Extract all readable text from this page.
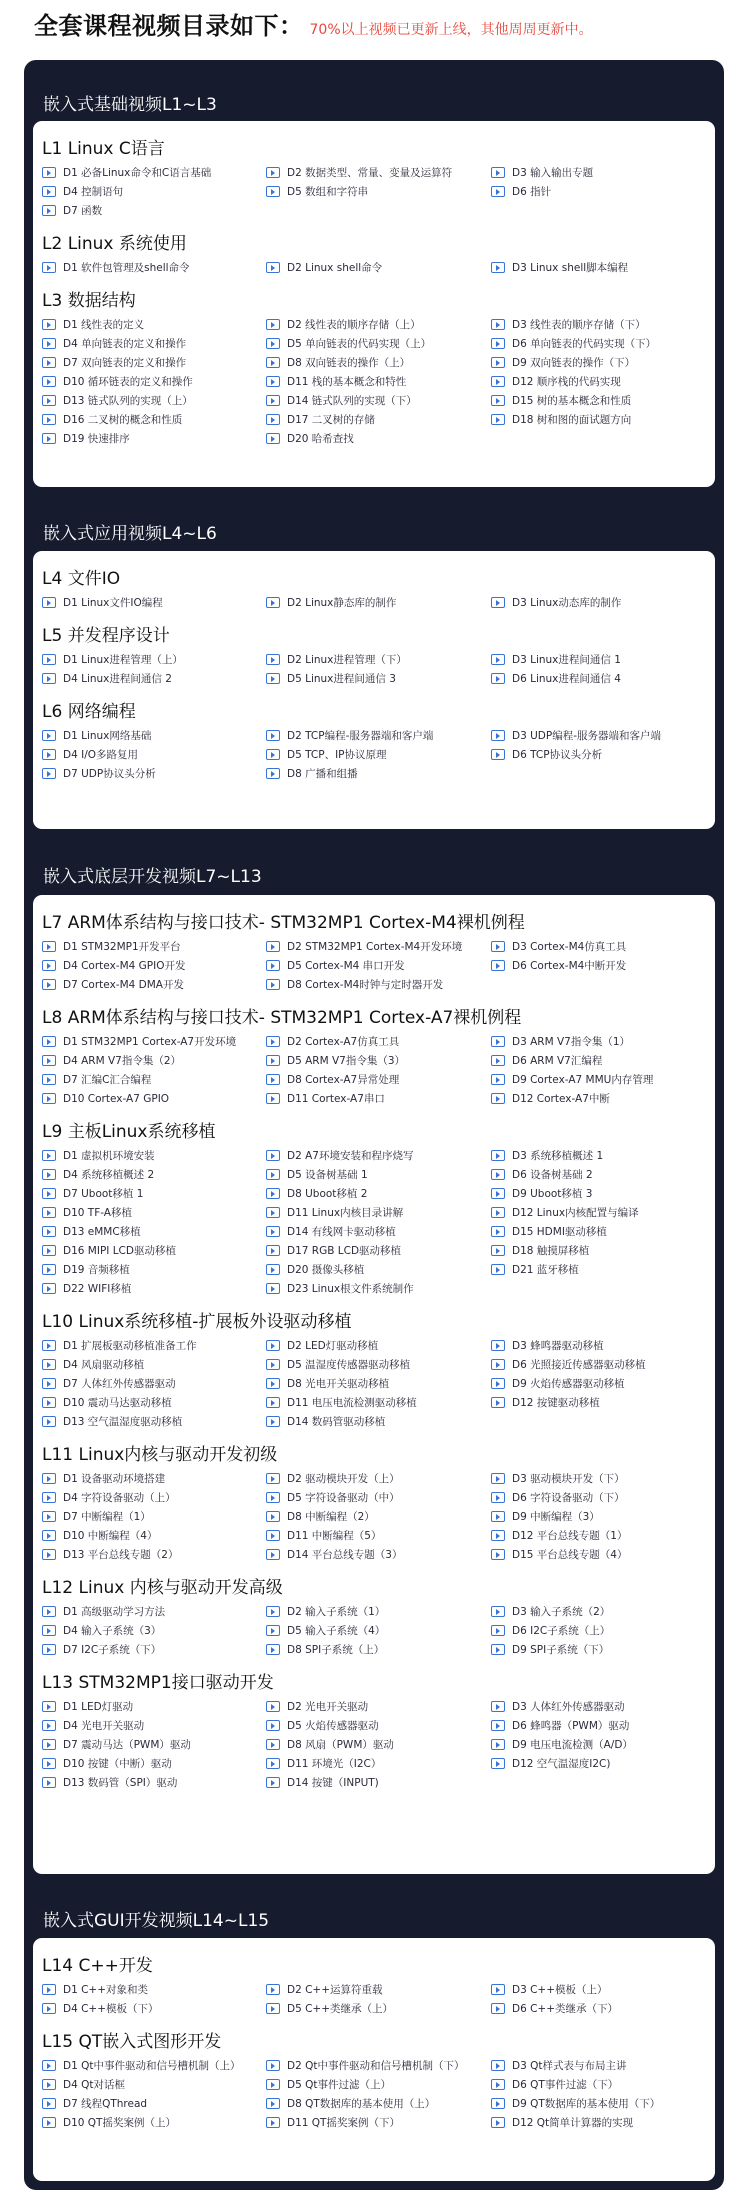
全套课程视频目录如下： 70%以上视频已更新上线，其他周周更新中。
嵌入式基础视频L1~L3
L1 Linux C语言
D1 必备Linux命令和C语言基础	D2 数据类型、常量、变量及运算符	D3 输入输出专题
D4 控制语句	D5 数组和字符串	D6 指针
D7 函数
L2 Linux 系统使用
D1 软件包管理及shell命令	D2 Linux shell命令	D3 Linux shell脚本编程
L3 数据结构
D1 线性表的定义	D2 线性表的顺序存储（上）	D3 线性表的顺序存储（下）
D4 单向链表的定义和操作	D5 单向链表的代码实现（上）	D6 单向链表的代码实现（下）
D7 双向链表的定义和操作	D8 双向链表的操作（上）	D9 双向链表的操作（下）
D10 循环链表的定义和操作	D11 栈的基本概念和特性	D12 顺序栈的代码实现
D13 链式队列的实现（上）	D14 链式队列的实现（下）	D15 树的基本概念和性质
D16 二叉树的概念和性质	D17 二叉树的存储	D18 树和图的面试题方向
D19 快速排序	D20 哈希查找
嵌入式应用视频L4~L6
L4 文件IO
D1 Linux文件IO编程	D2 Linux静态库的制作	D3 Linux动态库的制作
L5 并发程序设计
D1 Linux进程管理（上）	D2 Linux进程管理（下）	D3 Linux进程间通信 1
D4 Linux进程间通信 2	D5 Linux进程间通信 3	D6 Linux进程间通信 4
L6 网络编程
D1 Linux网络基础	D2 TCP编程-服务器端和客户端	D3 UDP编程-服务器端和客户端
D4 I/O多路复用	D5 TCP、IP协议原理	D6 TCP协议头分析
D7 UDP协议头分析	D8 广播和组播
嵌入式底层开发视频L7~L13
L7 ARM体系结构与接口技术- STM32MP1 Cortex-M4裸机例程
D1 STM32MP1开发平台	D2 STM32MP1 Cortex-M4开发环境	D3 Cortex-M4仿真工具
D4 Cortex-M4 GPIO开发	D5 Cortex-M4 串口开发	D6 Cortex-M4中断开发
D7 Cortex-M4 DMA开发	D8 Cortex-M4时钟与定时器开发
L8 ARM体系结构与接口技术- STM32MP1 Cortex-A7裸机例程
D1 STM32MP1 Cortex-A7开发环境	D2 Cortex-A7仿真工具	D3 ARM V7指令集（1）
D4 ARM V7指令集（2）	D5 ARM V7指令集（3）	D6 ARM V7汇编程
D7 汇编C汇合编程	D8 Cortex-A7异常处理	D9 Cortex-A7 MMU内存管理
D10 Cortex-A7 GPIO	D11 Cortex-A7串口	D12 Cortex-A7中断
L9 主板Linux系统移植
D1 虚拟机环境安装	D2 A7环境安装和程序烧写	D3 系统移植概述 1
D4 系统移植概述 2	D5 设备树基础 1	D6 设备树基础 2
D7 Uboot移植 1	D8 Uboot移植 2	D9 Uboot移植 3
D10 TF-A移植	D11 Linux内核目录讲解	D12 Linux内核配置与编译
D13 eMMC移植	D14 有线网卡驱动移植	D15 HDMI驱动移植
D16 MIPI LCD驱动移植	D17 RGB LCD驱动移植	D18 触摸屏移植
D19 音频移植	D20 摄像头移植	D21 蓝牙移植
D22 WIFI移植	D23 Linux根文件系统制作
L10 Linux系统移植-扩展板外设驱动移植
D1 扩展板驱动移植准备工作	D2 LED灯驱动移植	D3 蜂鸣器驱动移植
D4 风扇驱动移植	D5 温湿度传感器驱动移植	D6 光照接近传感器驱动移植
D7 人体红外传感器驱动	D8 光电开关驱动移植	D9 火焰传感器驱动移植
D10 震动马达驱动移植	D11 电压电流检测驱动移植	D12 按键驱动移植
D13 空气温湿度驱动移植	D14 数码管驱动移植
L11 Linux内核与驱动开发初级
D1 设备驱动环境搭建	D2 驱动模块开发（上）	D3 驱动模块开发（下）
D4 字符设备驱动（上）	D5 字符设备驱动（中）	D6 字符设备驱动（下）
D7 中断编程（1）	D8 中断编程（2）	D9 中断编程（3）
D10 中断编程（4）	D11 中断编程（5）	D12 平台总线专题（1）
D13 平台总线专题（2）	D14 平台总线专题（3）	D15 平台总线专题（4）
L12 Linux 内核与驱动开发高级
D1 高级驱动学习方法	D2 输入子系统（1）	D3 输入子系统（2）
D4 输入子系统（3）	D5 输入子系统（4）	D6 I2C子系统（上）
D7 I2C子系统（下）	D8 SPI子系统（上）	D9 SPI子系统（下）
L13 STM32MP1接口驱动开发
D1 LED灯驱动	D2 光电开关驱动	D3 人体红外传感器驱动
D4 光电开关驱动	D5 火焰传感器驱动	D6 蜂鸣器（PWM）驱动
D7 震动马达（PWM）驱动	D8 风扇（PWM）驱动	D9 电压电流检测（A/D）
D10 按键（中断）驱动	D11 环境光（I2C）	D12 空气温湿度I2C)
D13 数码管（SPI）驱动	D14 按键（INPUT)
嵌入式GUI开发视频L14~L15
L14 C++开发
D1 C++对象和类	D2 C++运算符重载	D3 C++模板（上）
D4 C++模板（下）	D5 C++类继承（上）	D6 C++类继承（下）
L15 QT嵌入式图形开发
D1 Qt中事件驱动和信号槽机制（上）	D2 Qt中事件驱动和信号槽机制（下）	D3 Qt样式表与布局主讲
D4 Qt对话框	D5 Qt事件过滤（上）	D6 QT事件过滤（下）
D7 线程QThread	D8 QT数据库的基本使用（上）	D9 QT数据库的基本使用（下）
D10 QT摇奖案例（上）	D11 QT摇奖案例（下）	D12 Qt简单计算器的实现
